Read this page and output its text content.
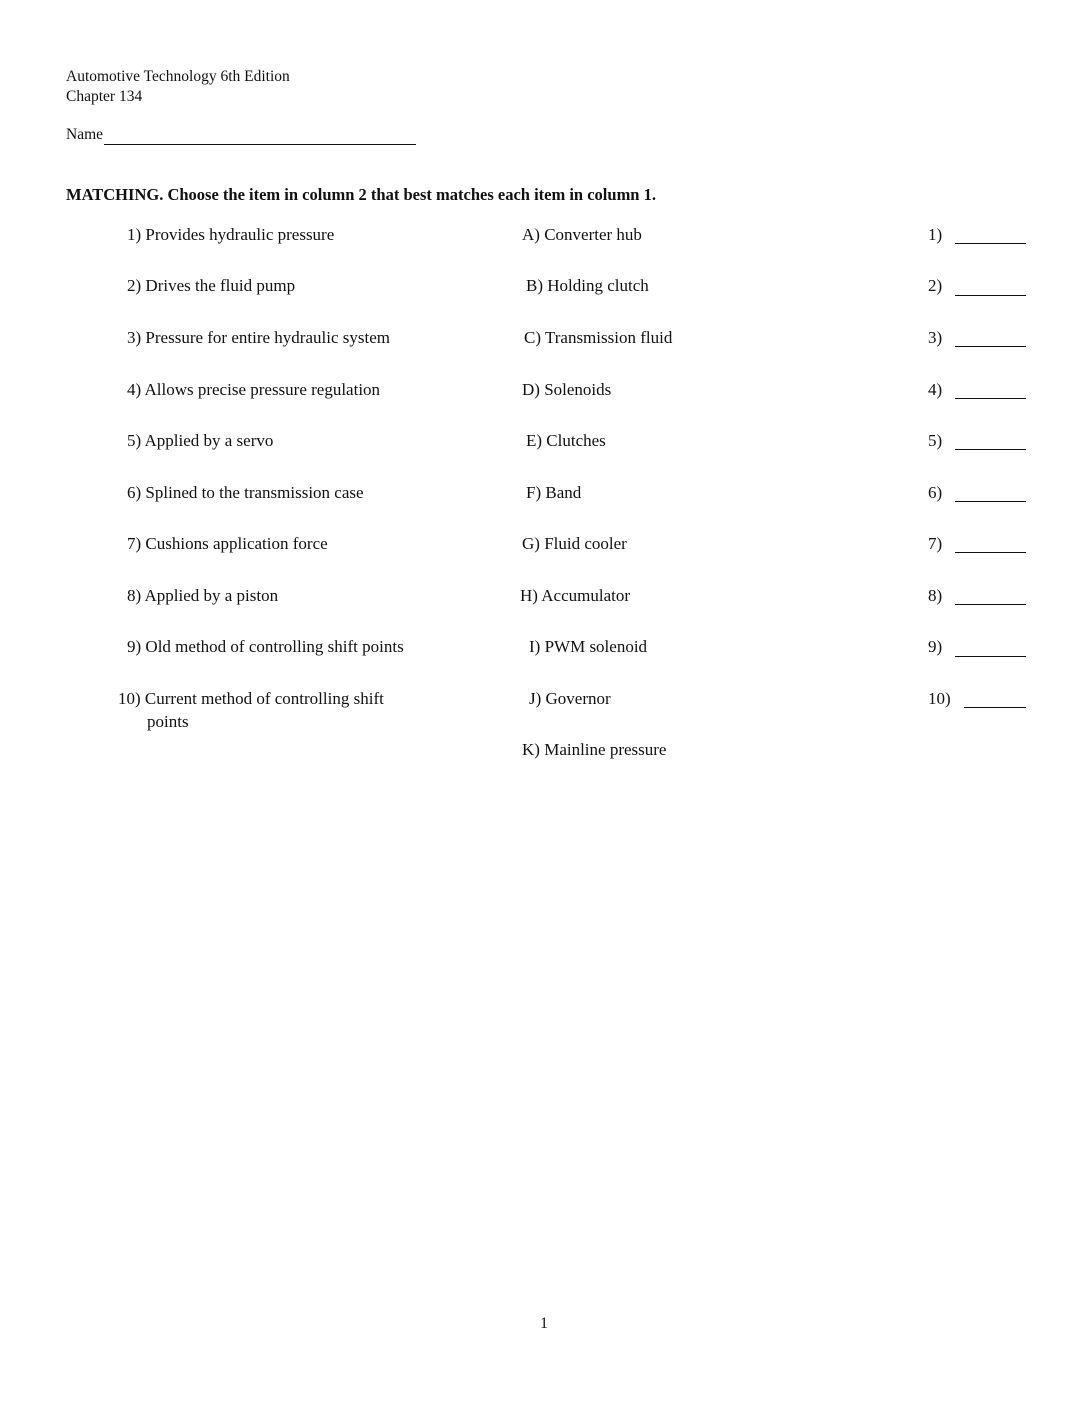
Automotive Technology 6th Edition
Chapter 134
Name
MATCHING. Choose the item in column 2 that best matches each item in column 1.
1) Provides hydraulic pressure
2) Drives the fluid pump
3) Pressure for entire hydraulic system
4) Allows precise pressure regulation
5) Applied by a servo
6) Splined to the transmission case
7) Cushions application force
8) Applied by a piston
9) Old method of controlling shift points
10) Current method of controlling shift
points
A) Converter hub
B) Holding clutch
C) Transmission fluid
D) Solenoids
E) Clutches
F) Band
G) Fluid cooler
H) Accumulator
I) PWM solenoid
J) Governor
K) Mainline pressure
1)
2)
3)
4)
5)
6)
7)
8)
9)
10)
1
